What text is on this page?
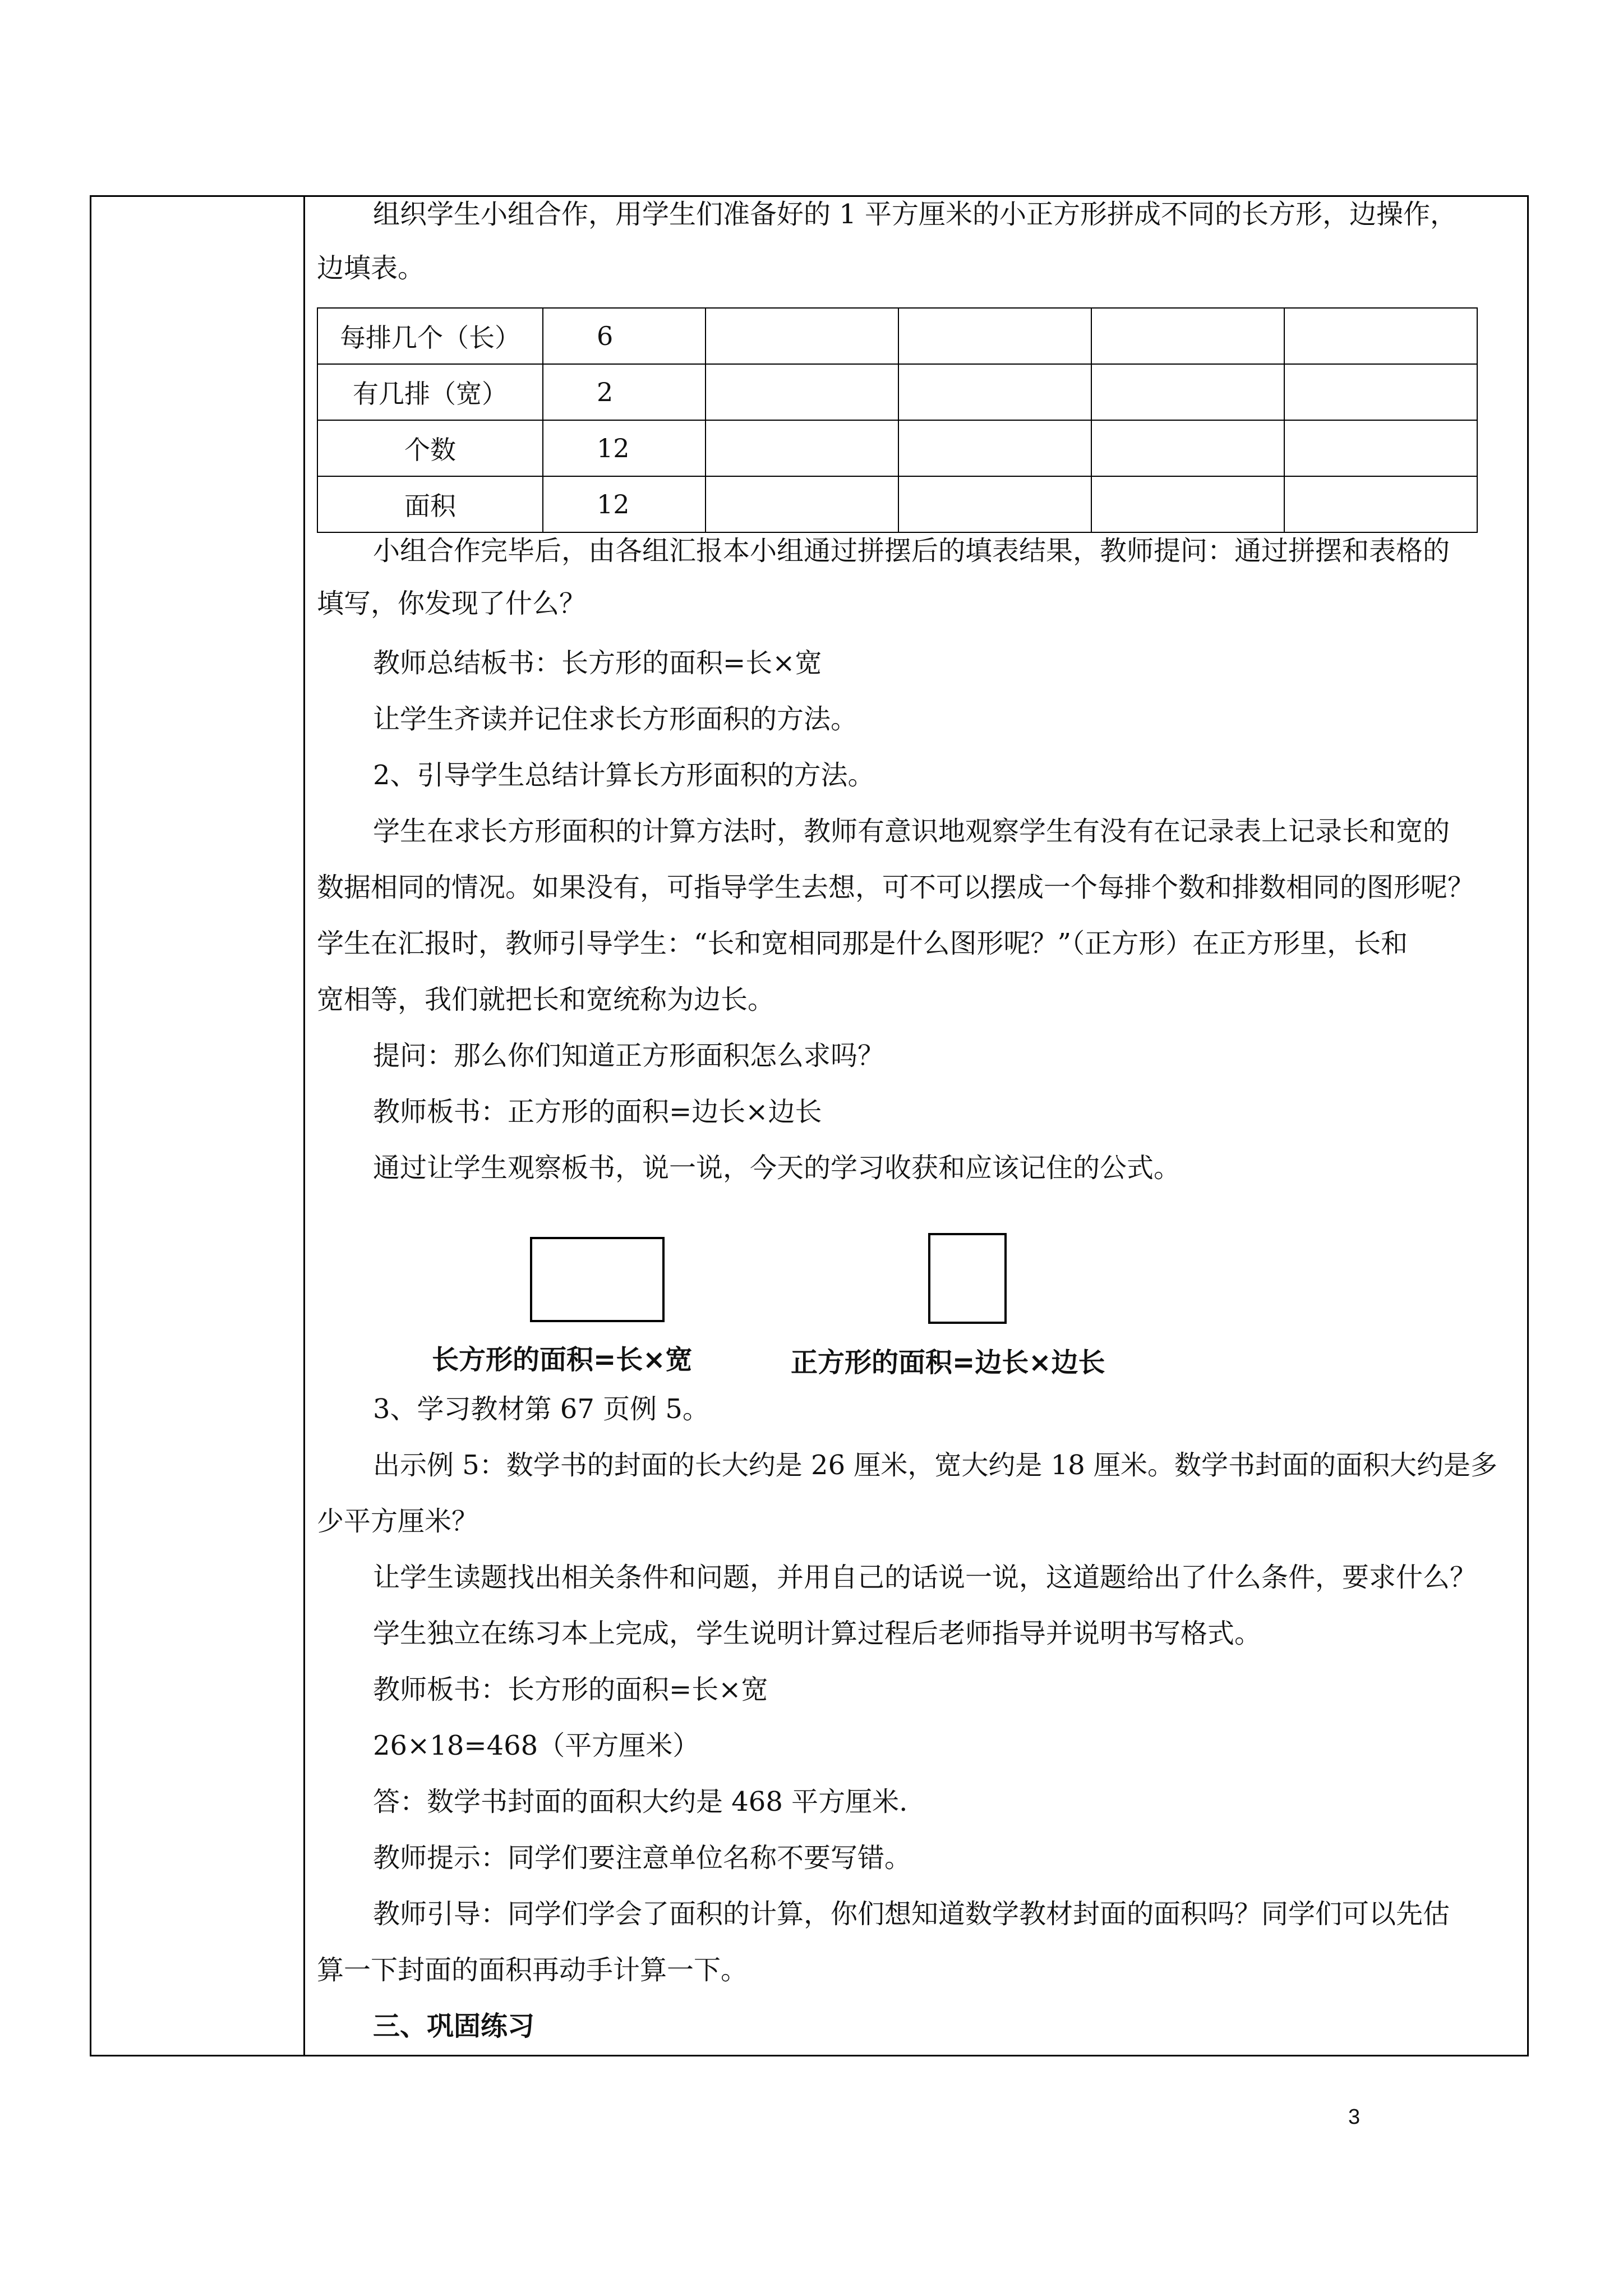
组织学生小组合作，用学生们准备好的 1 平方厘米的小正方形拼成不同的长方形，边操作，
边填表。
每排几个（长）	6				
有几排（宽）	2				
个数	12				
面积	12				
小组合作完毕后，由各组汇报本小组通过拼摆后的填表结果，教师提问：通过拼摆和表格的
填写，你发现了什么？
教师总结板书：长方形的面积=长×宽
让学生齐读并记住求长方形面积的方法。
2、引导学生总结计算长方形面积的方法。
学生在求长方形面积的计算方法时，教师有意识地观察学生有没有在记录表上记录长和宽的
数据相同的情况。如果没有，可指导学生去想，可不可以摆成一个每排个数和排数相同的图形呢？
学生在汇报时，教师引导学生：“长和宽相同那是什么图形呢？”（正方形）在正方形里，长和
宽相等，我们就把长和宽统称为边长。
提问：那么你们知道正方形面积怎么求吗？
教师板书：正方形的面积=边长×边长
通过让学生观察板书，说一说，今天的学习收获和应该记住的公式。
长方形的面积=长×宽	正方形的面积=边长×边长
3、学习教材第 67 页例 5。
出示例 5：数学书的封面的长大约是 26 厘米，宽大约是 18 厘米。数学书封面的面积大约是多
少平方厘米？
让学生读题找出相关条件和问题，并用自己的话说一说，这道题给出了什么条件，要求什么？
学生独立在练习本上完成，学生说明计算过程后老师指导并说明书写格式。
教师板书：长方形的面积=长×宽
26×18=468（平方厘米）
答：数学书封面的面积大约是 468 平方厘米.
教师提示：同学们要注意单位名称不要写错。
教师引导：同学们学会了面积的计算，你们想知道数学教材封面的面积吗？同学们可以先估
算一下封面的面积再动手计算一下。
三、巩固练习
3
